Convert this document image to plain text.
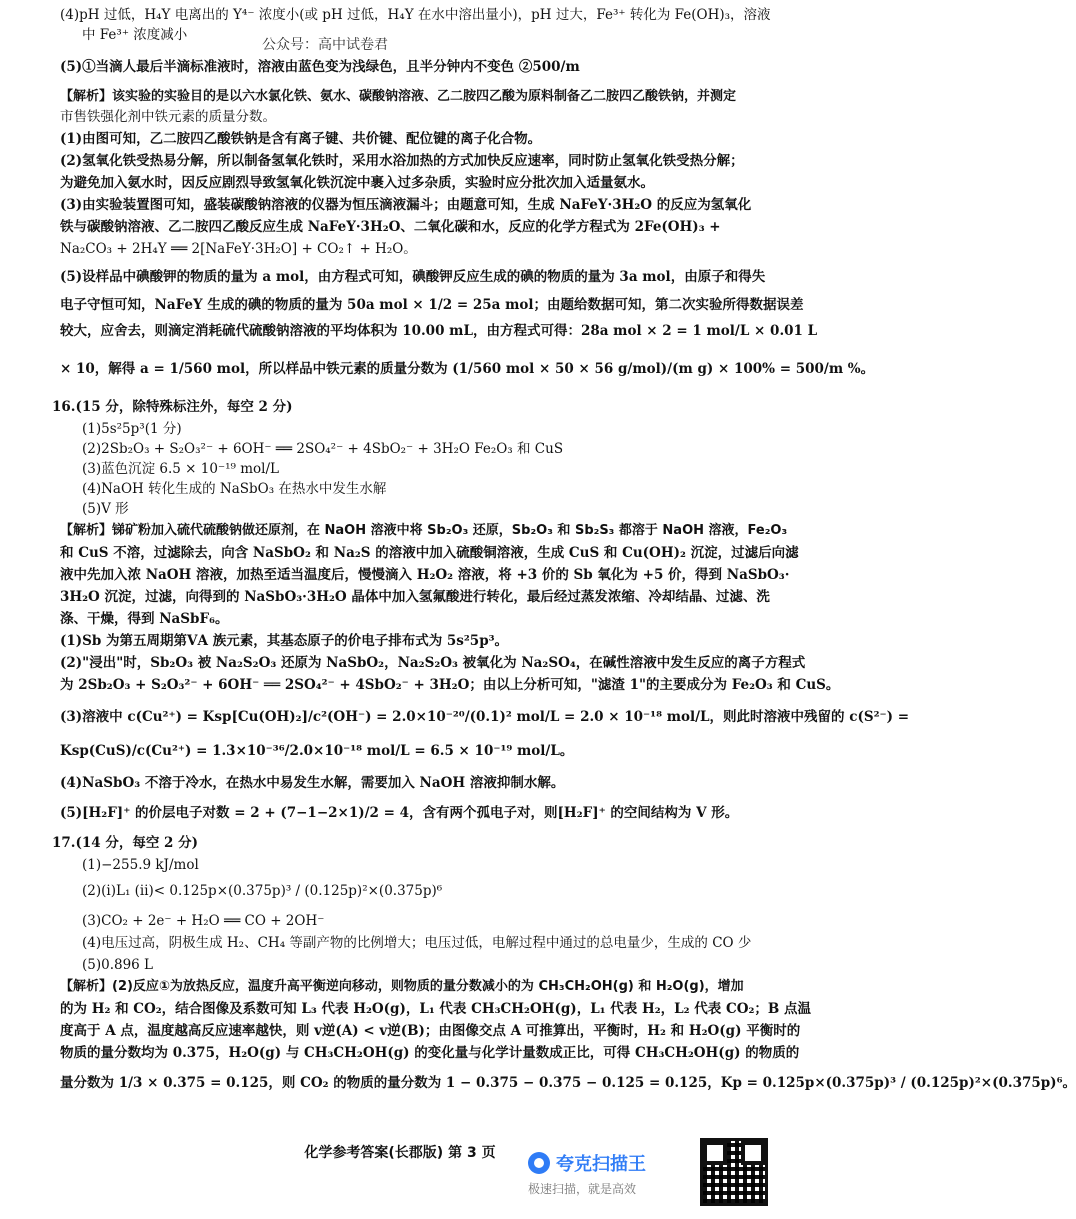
公众号：高中试卷君
(4)pH 过低，H₄Y 电离出的 Y⁴⁻ 浓度小(或 pH 过低，H₄Y 在水中溶出量小)，pH 过大，Fe³⁺ 转化为 Fe(OH)₃，溶液
中 Fe³⁺ 浓度减小
(5)①当滴人最后半滴标准液时，溶液由蓝色变为浅绿色，且半分钟内不变色 ②500/m
【解析】该实验的实验目的是以六水氯化铁、氨水、碳酸钠溶液、乙二胺四乙酸为原料制备乙二胺四乙酸铁钠，并测定
市售铁强化剂中铁元素的质量分数。
(1)由图可知，乙二胺四乙酸铁钠是含有离子键、共价键、配位键的离子化合物。
(2)氢氧化铁受热易分解，所以制备氢氧化铁时，采用水浴加热的方式加快反应速率，同时防止氢氧化铁受热分解；
为避免加入氨水时，因反应剧烈导致氢氧化铁沉淀中裹入过多杂质，实验时应分批次加入适量氨水。
(3)由实验装置图可知，盛装碳酸钠溶液的仪器为恒压滴液漏斗；由题意可知，生成 NaFeY·3H₂O 的反应为氢氧化
铁与碳酸钠溶液、乙二胺四乙酸反应生成 NaFeY·3H₂O、二氧化碳和水，反应的化学方程式为 2Fe(OH)₃ +
Na₂CO₃ + 2H₄Y ══ 2[NaFeY·3H₂O] + CO₂↑ + H₂O。
(5)设样品中碘酸钾的物质的量为 a mol，由方程式可知，碘酸钾反应生成的碘的物质的量为 3a mol，由原子和得失
电子守恒可知，NaFeY 生成的碘的物质的量为 50a mol × 1/2 = 25a mol；由题给数据可知，第二次实验所得数据误差
较大，应舍去，则滴定消耗硫代硫酸钠溶液的平均体积为 10.00 mL，由方程式可得：28a mol × 2 = 1 mol/L × 0.01 L
× 10，解得 a = 1/560 mol，所以样品中铁元素的质量分数为 (1/560 mol × 50 × 56 g/mol)/(m g) × 100% = 500/m %。
16.(15 分，除特殊标注外，每空 2 分)
(1)5s²5p³(1 分)
(2)2Sb₂O₃ + S₂O₃²⁻ + 6OH⁻ ══ 2SO₄²⁻ + 4SbO₂⁻ + 3H₂O Fe₂O₃ 和 CuS
(3)蓝色沉淀 6.5 × 10⁻¹⁹ mol/L
(4)NaOH 转化生成的 NaSbO₃ 在热水中发生水解
(5)V 形
【解析】锑矿粉加入硫代硫酸钠做还原剂，在 NaOH 溶液中将 Sb₂O₃ 还原，Sb₂O₃ 和 Sb₂S₃ 都溶于 NaOH 溶液，Fe₂O₃
和 CuS 不溶，过滤除去，向含 NaSbO₂ 和 Na₂S 的溶液中加入硫酸铜溶液，生成 CuS 和 Cu(OH)₂ 沉淀，过滤后向滤
液中先加入浓 NaOH 溶液，加热至适当温度后，慢慢滴入 H₂O₂ 溶液，将 +3 价的 Sb 氧化为 +5 价，得到 NaSbO₃·
3H₂O 沉淀，过滤，向得到的 NaSbO₃·3H₂O 晶体中加入氢氟酸进行转化，最后经过蒸发浓缩、冷却结晶、过滤、洗
涤、干燥，得到 NaSbF₆。
(1)Sb 为第五周期第ⅤA 族元素，其基态原子的价电子排布式为 5s²5p³。
(2)"浸出"时，Sb₂O₃ 被 Na₂S₂O₃ 还原为 NaSbO₂，Na₂S₂O₃ 被氧化为 Na₂SO₄，在碱性溶液中发生反应的离子方程式
为 2Sb₂O₃ + S₂O₃²⁻ + 6OH⁻ ══ 2SO₄²⁻ + 4SbO₂⁻ + 3H₂O；由以上分析可知，"滤渣 1"的主要成分为 Fe₂O₃ 和 CuS。
(3)溶液中 c(Cu²⁺) = Ksp[Cu(OH)₂]/c²(OH⁻) = 2.0×10⁻²⁰/(0.1)² mol/L = 2.0 × 10⁻¹⁸ mol/L，则此时溶液中残留的 c(S²⁻) =
Ksp(CuS)/c(Cu²⁺) = 1.3×10⁻³⁶/2.0×10⁻¹⁸ mol/L = 6.5 × 10⁻¹⁹ mol/L。
(4)NaSbO₃ 不溶于冷水，在热水中易发生水解，需要加入 NaOH 溶液抑制水解。
(5)[H₂F]⁺ 的价层电子对数 = 2 + (7−1−2×1)/2 = 4，含有两个孤电子对，则[H₂F]⁺ 的空间结构为 V 形。
17.(14 分，每空 2 分)
(1)−255.9 kJ/mol
(2)(ⅰ)L₁ (ⅱ)< 0.125p×(0.375p)³ / (0.125p)²×(0.375p)⁶
(3)CO₂ + 2e⁻ + H₂O ══ CO + 2OH⁻
(4)电压过高，阴极生成 H₂、CH₄ 等副产物的比例增大；电压过低，电解过程中通过的总电量少，生成的 CO 少
(5)0.896 L
【解析】(2)反应①为放热反应，温度升高平衡逆向移动，则物质的量分数减小的为 CH₃CH₂OH(g) 和 H₂O(g)，增加
的为 H₂ 和 CO₂，结合图像及系数可知 L₃ 代表 H₂O(g)，L₁ 代表 CH₃CH₂OH(g)，L₁ 代表 H₂，L₂ 代表 CO₂；B 点温
度高于 A 点，温度越高反应速率越快，则 v逆(A) < v逆(B)；由图像交点 A 可推算出，平衡时，H₂ 和 H₂O(g) 平衡时的
物质的量分数均为 0.375，H₂O(g) 与 CH₃CH₂OH(g) 的变化量与化学计量数成正比，可得 CH₃CH₂OH(g) 的物质的
量分数为 1/3 × 0.375 = 0.125，则 CO₂ 的物质的量分数为 1 − 0.375 − 0.375 − 0.125 = 0.125，Kp = 0.125p×(0.375p)³ / (0.125p)²×(0.375p)⁶。
化学参考答案(长郡版) 第 3 页
夸克扫描王
极速扫描，就是高效
